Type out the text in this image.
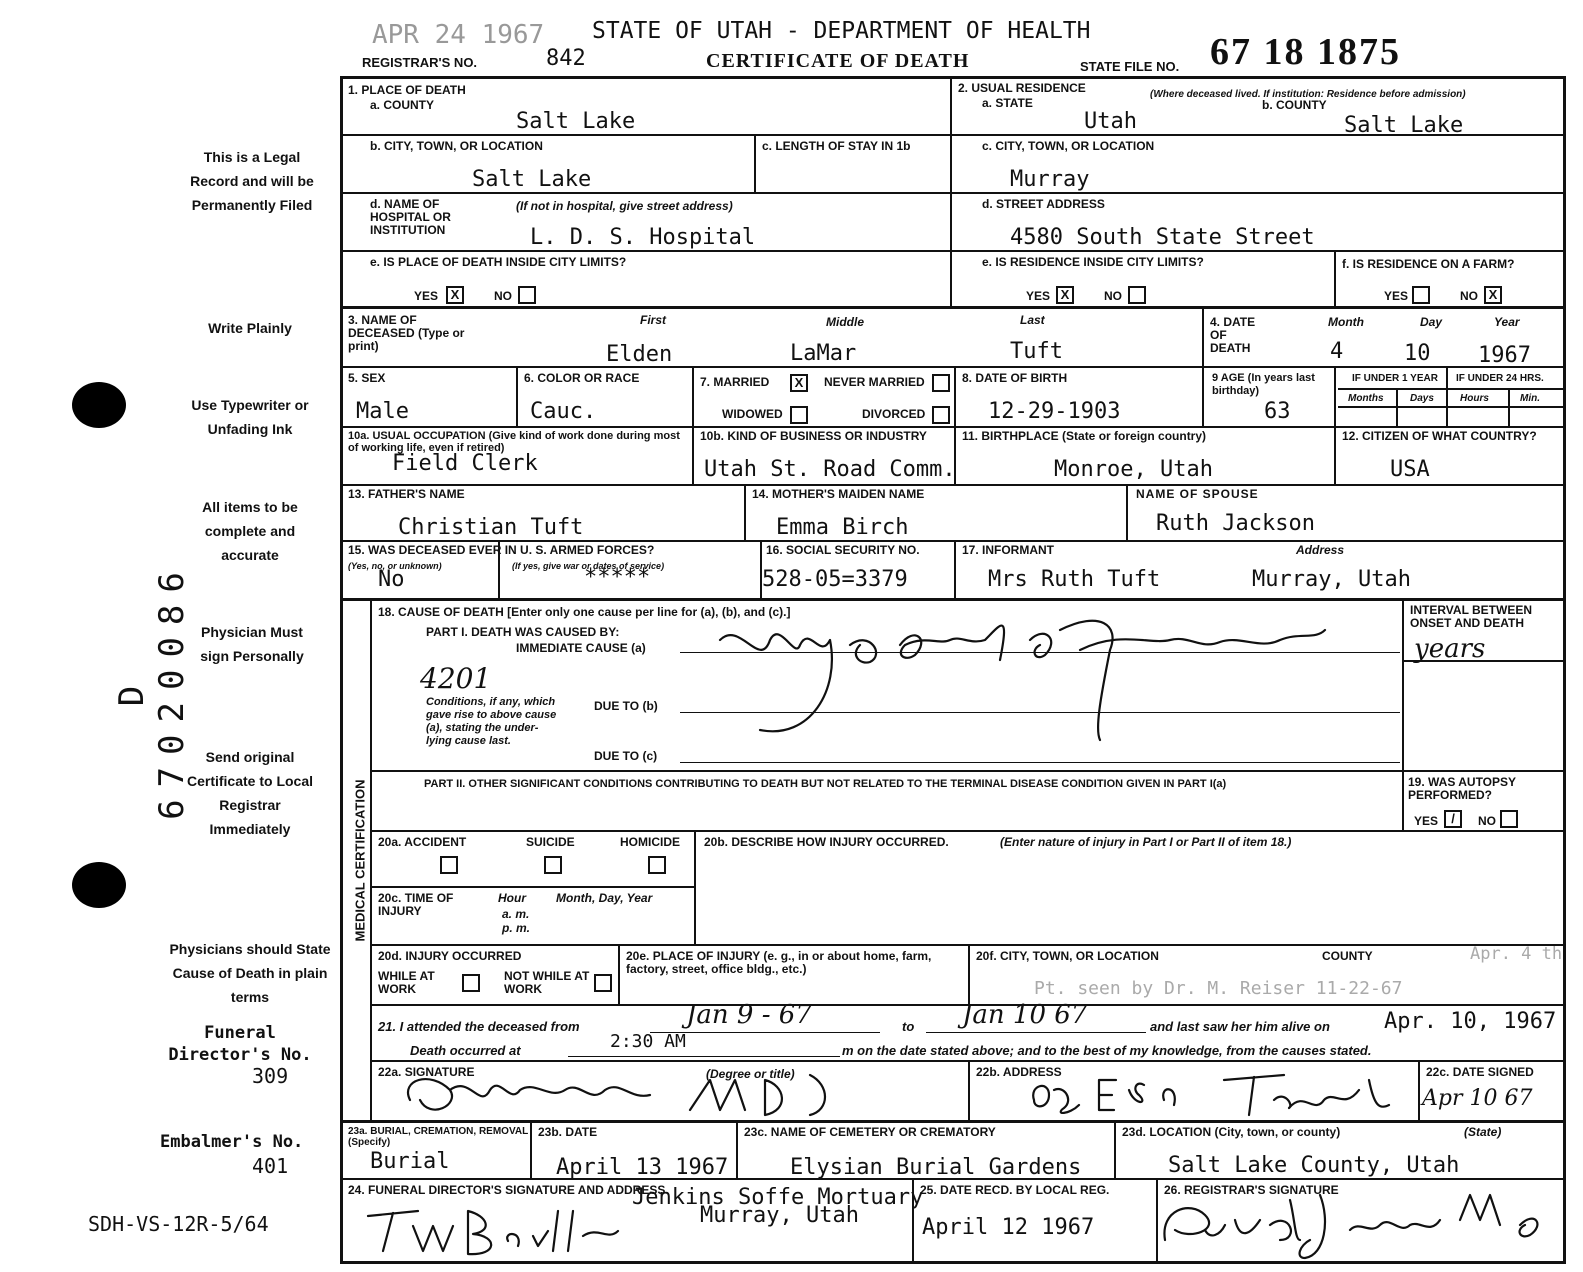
APR 24 1967 STATE OF UTAH - DEPARTMENT OF HEALTH
REGISTRAR'S NO.	842	CERTIFICATE OF DEATH	STATE FILE NO. 67 18 1875
This is a Legal Record and will be Permanently Filed
Write Plainly
Use Typewriter or Unfading Ink
All items to be complete and accurate
Physician Must sign Personally
Send original Certificate to Local Registrar Immediately
Physicians should State Cause of Death in plain terms
Funeral Director's No.
309
Embalmer's No.
401
SDH-VS-12R-5/64
D 67020086
1. PLACE OF DEATH
a. COUNTY
Salt Lake
2. USUAL RESIDENCE	(Where deceased lived. If institution: Residence before admission)
a. STATE
Utah
b. COUNTY
Salt Lake
b. CITY, TOWN, OR LOCATION
Salt Lake
c. LENGTH OF STAY IN 1b	c. CITY, TOWN, OR LOCATION
Murray
d. NAME OF HOSPITAL OR INSTITUTION
(If not in hospital, give street address)
L. D. S. Hospital
d. STREET ADDRESS
4580 South State Street
e. IS PLACE OF DEATH INSIDE CITY LIMITS?
YES X	NO
e. IS RESIDENCE INSIDE CITY LIMITS?
YES X	NO
f. IS RESIDENCE ON A FARM?
YES	NO X
3. NAME OF DECEASED (Type or print)
First	Middle	Last
Elden	LaMar	Tuft
4. DATE OF DEATH
Month	Day	Year
4	10 1967
5. SEX
Male
6. COLOR OR RACE
Cauc.
7. MARRIED	X	NEVER MARRIED
WIDOWED	DIVORCED
8. DATE OF BIRTH
12-29-1903
9 AGE (In years last birthday)
63
IF UNDER 1 YEAR IF UNDER 24 HRS.
Months	Days	Hours	Min.
10a. USUAL OCCUPATION (Give kind of work done during most of working life, even if retired)
Field Clerk
10b. KIND OF BUSINESS OR INDUSTRY
Utah St. Road Comm.
11. BIRTHPLACE (State or foreign country)
Monroe, Utah
12. CITIZEN OF WHAT COUNTRY?
USA
13. FATHER'S NAME
Christian Tuft
14. MOTHER'S MAIDEN NAME
Emma Birch
NAME OF SPOUSE
Ruth Jackson
15. WAS DECEASED EVER IN U. S. ARMED FORCES?
(Yes, no, or unknown)	(If yes, give war or dates of service)
No	*****
16. SOCIAL SECURITY NO.
528-05=3379
17. INFORMANT	Address
Mrs Ruth Tuft	Murray, Utah
MEDICAL CERTIFICATION
18. CAUSE OF DEATH [Enter only one cause per line for (a), (b), and (c).]
PART I. DEATH WAS CAUSED BY:
IMMEDIATE CAUSE (a)
4201
Conditions, if any, which gave rise to above cause (a), stating the under-lying cause last.
DUE TO (b)
DUE TO (c)
INTERVAL BETWEEN ONSET AND DEATH
years
PART II. OTHER SIGNIFICANT CONDITIONS CONTRIBUTING TO DEATH BUT NOT RELATED TO THE TERMINAL DISEASE CONDITION GIVEN IN PART I(a)	19. WAS AUTOPSY PERFORMED?
YES	/	NO
20a. ACCIDENT	SUICIDE	HOMICIDE 20b. DESCRIBE HOW INJURY OCCURRED.	(Enter nature of injury in Part I or Part II of item 18.)
20c. TIME OF INJURY
Hour
a. m.
p. m.
Month, Day, Year
20d. INJURY OCCURRED
WHILE AT WORK
NOT WHILE AT WORK
20e. PLACE OF INJURY (e. g., in or about home, farm, factory, street, office bldg., etc.)
20f. CITY, TOWN, OR LOCATION	COUNTY
Pt. seen by Dr. M. Reiser 11-22-67
Apr. 4 th
21. I attended the deceased from	Jan 9 - 67	to Jan 10 67	and last saw her him alive on Apr. 10, 1967
Death occurred at	2:30 AM	m on the date stated above; and to the best of my knowledge, from the causes stated.
22a. SIGNATURE	(Degree or title)	22b. ADDRESS	22c. DATE SIGNED
Apr 10 67
23a. BURIAL, CREMATION, REMOVAL (Specify)
Burial
23b. DATE
April 13 1967
23c. NAME OF CEMETERY OR CREMATORY
Elysian Burial Gardens
23d. LOCATION (City, town, or county)	(State)
Salt Lake County, Utah
24. FUNERAL DIRECTOR'S SIGNATURE AND ADDRESS
Jenkins Soffe Mortuary
Murray, Utah
25. DATE RECD. BY LOCAL REG.
April 12 1967
26. REGISTRAR'S SIGNATURE
